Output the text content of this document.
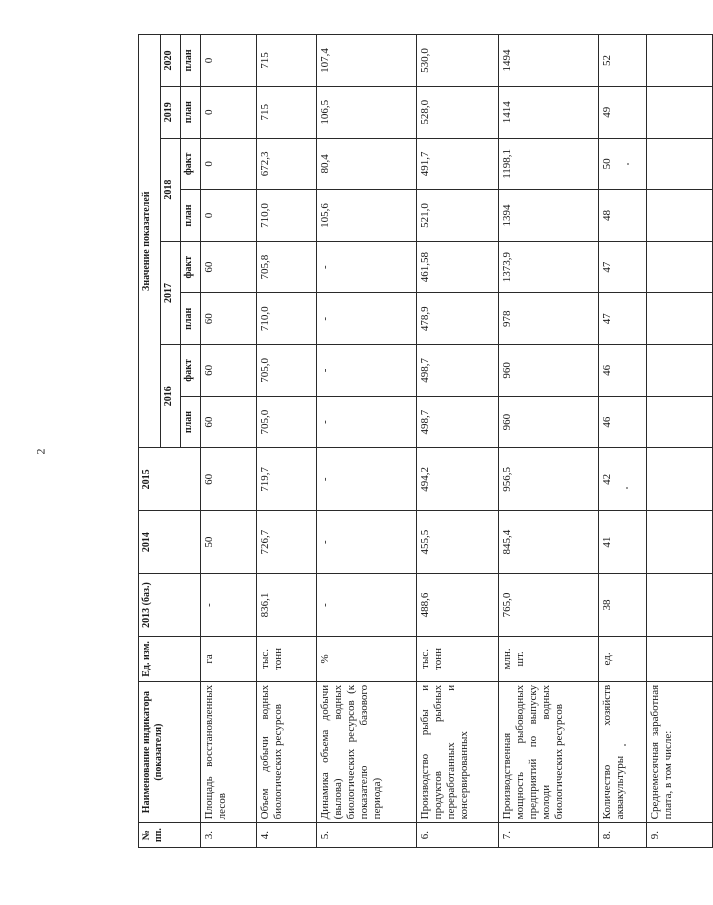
2
№ пп.	Наименование индикатора (показателя)	Ед. изм.	2013 (баз.)	2014	2015	Значение показателей							
						2016		2017		2018		2019	2020
						план	факт	план	факт	план	факт	план	план
3.	Площадь восстановленных лесов	га	-	50	60	60	60	60	60	0	0	0	0
4.	Объем добычи водных биологических ресурсов	тыс. тонн	836,1	726,7	719,7	705,0	705,0	710,0	705,8	710,0	672,3	715	715
5.	Динамика объема добычи (вылова) водных биологических ресурсов (к показателю базового периода)	%	-	-	-	-	-	-	-	105,6	80,4	106,5	107,4
6.	Производство рыбы и продуктов рыбных переработанных и консервированных	тыс. тонн	488,6	455,5	494,2	498,7	498,7	478,9	461,58	521,0	491,7	528,0	530,0
7.	Производственная мощность рыбоводных предприятий по выпуску молоди водных биологических ресурсов	млн. шт.	765,0	845,4	956,5	960	960	978	1373,9	1394	1198,1	1414	1494
8.	Количество хозяйств аквакультуры	ед.	38	41	42	46	46	47	47	48	50	49	52
9.	Среднемесячная заработная плата, в том числе:												
